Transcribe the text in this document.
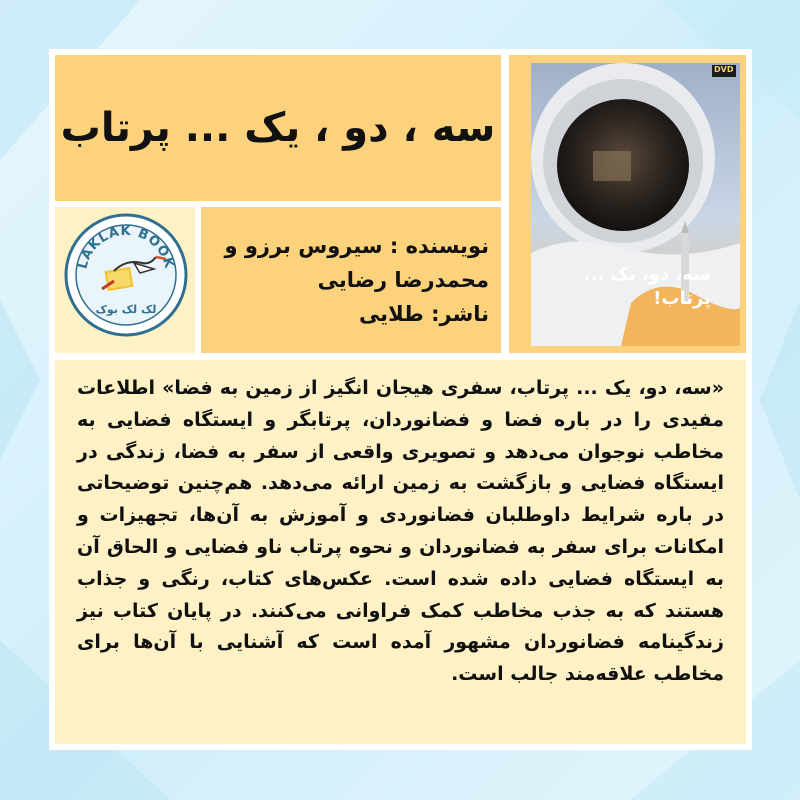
سه ، دو ، یک ... پرتاب
DVD
سه، دو، یک ... پرتاب!
LAKLAK BOOK
لک لک بوک
نویسنده : سیروس برزو و
محمدرضا رضایی
ناشر: طلایی

«سه، دو، یک ... پرتاب، سفری هیجان انگیز از زمین به فضا» اطلاعات مفیدی را در باره فضا و فضانوردان، پرتابگر و ایستگاه فضایی به مخاطب نوجوان می‌دهد و تصویری واقعی از سفر به فضا، زندگی در ایستگاه فضایی و بازگشت به زمین ارائه می‌دهد. هم‌چنین توضیحاتی در باره شرایط داوطلبان فضانوردی و آموزش به آن‌ها، تجهیزات و امکانات برای سفر به فضانوردان و نحوه پرتاب ناو فضایی و الحاق آن به ایستگاه فضایی داده شده است. عکس‌های کتاب، رنگی و جذاب هستند که به جذب مخاطب کمک فراوانی می‌کنند. در پایان کتاب نیز زندگینامه فضانوردان مشهور آمده است که آشنایی با آن‌ها برای مخاطب علاقه‌مند جالب است.
